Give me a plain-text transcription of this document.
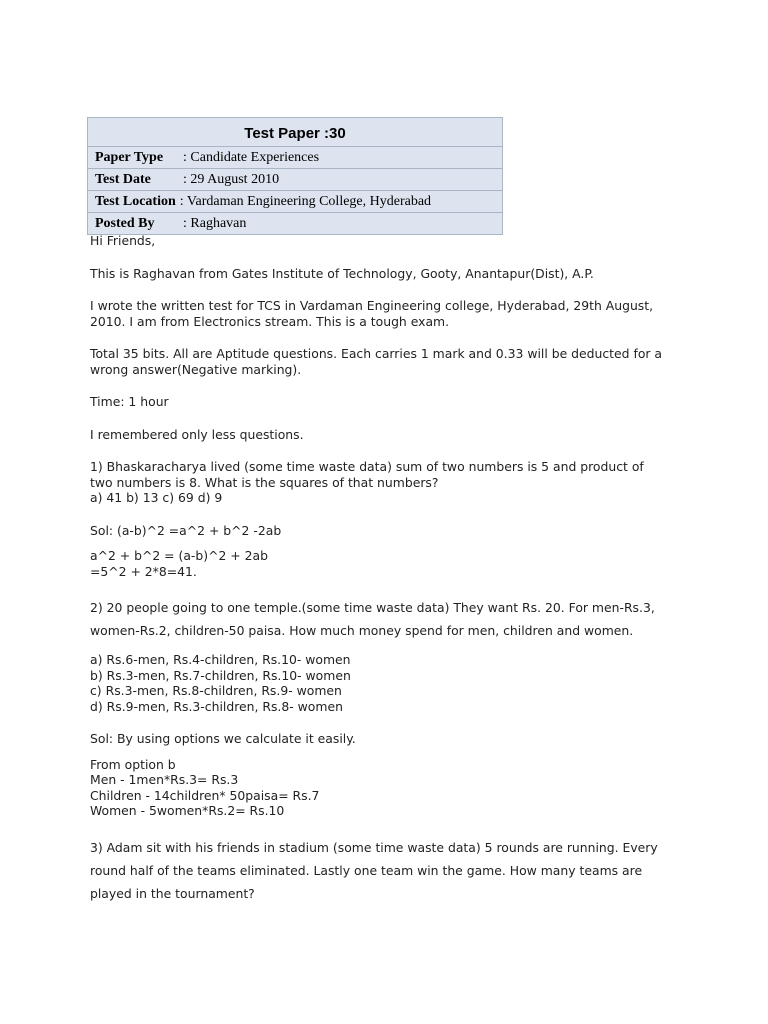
Test Paper :30
Paper Type : Candidate Experiences
Test Date : 29 August 2010
Test Location : Vardaman Engineering College, Hyderabad
Posted By : Raghavan

Hi Friends,

This is Raghavan from Gates Institute of Technology, Gooty, Anantapur(Dist), A.P.

I wrote the written test for TCS in Vardaman Engineering college, Hyderabad, 29th August,

2010. I am from Electronics stream. This is a tough exam.

Total 35 bits. All are Aptitude questions. Each carries 1 mark and 0.33 will be deducted for a

wrong answer(Negative marking).

Time: 1 hour

I remembered only less questions.

1) Bhaskaracharya lived (some time waste data) sum of two numbers is 5 and product of

two numbers is 8. What is the squares of that numbers?

a) 41 b) 13 c) 69 d) 9

Sol: (a-b)^2 =a^2 + b^2 -2ab

a^2 + b^2 = (a-b)^2 + 2ab

=5^2 + 2*8=41.

2) 20 people going to one temple.(some time waste data) They want Rs. 20. For men-Rs.3,

women-Rs.2, children-50 paisa. How much money spend for men, children and women.

a) Rs.6-men, Rs.4-children, Rs.10- women

b) Rs.3-men, Rs.7-children, Rs.10- women

c) Rs.3-men, Rs.8-children, Rs.9- women

d) Rs.9-men, Rs.3-children, Rs.8- women

Sol: By using options we calculate it easily.

From option b

Men - 1men*Rs.3= Rs.3

Children - 14children* 50paisa= Rs.7

Women - 5women*Rs.2= Rs.10

3) Adam sit with his friends in stadium (some time waste data) 5 rounds are running. Every

round half of the teams eliminated. Lastly one team win the game. How many teams are

played in the tournament?
